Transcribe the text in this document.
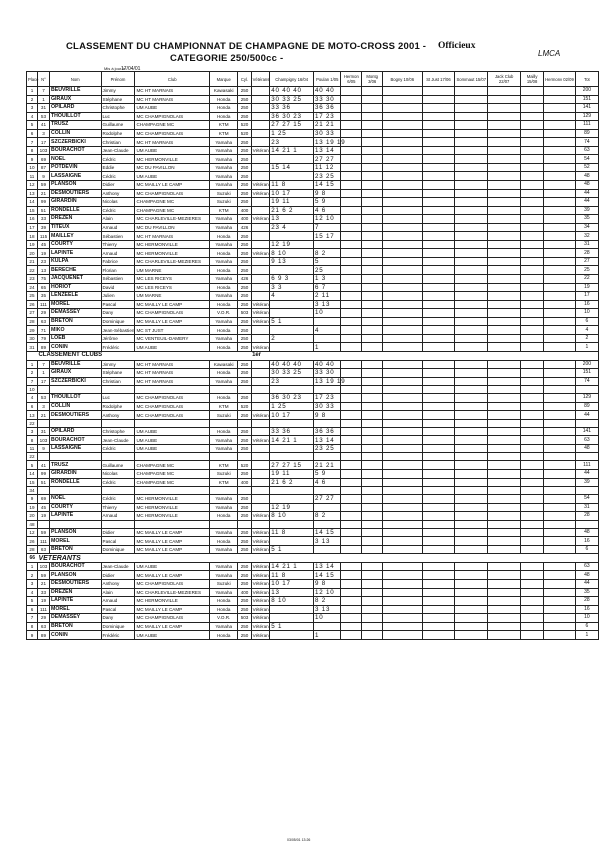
CLASSEMENT DU CHAMPIONNAT DE CHAMPAGNE DE MOTO-CROSS 2001 - Officieux
LMCA
CATEGORIE 250/500cc -
Mis à jour le
17/04/01
Place	N°	Nom	Prénom	Club	Marque	Cyl.	Vétérans	Champigny 16/04	Poulan 1/05	Hermon 6/05	Montg 3/06	Bogny 10/06	St Just 17/06	Sommaut 15/07	Jack Club 22/07	Mailly 15/08	Hermonv 02/09	Tot
1	7	BEUVRILLE	Jimmy	MC HT MARNAIS	Kawasaki	250		40 40 40	40 40									200
2	1	GIRAUX	Stéphane	MC HT MARNAIS	Honda	250		30 33 25	33 30									151
3	31	OPILARD	Christophe	UM AUBE	Honda	250		33 36	36 36									141
4	53	THOUILLOT	Luc	MC CHAMPIGNOLAIS	Honda	250		36 30 23	17 23									129
5	41	TRUSZ	Guillaume	CHAMPAGNE MC	KTM	520		27 27 15	21 21									111
6	3	COLLIN	Rodolphe	MC CHAMPIGNOLAIS	KTM	520		1 25	30 33									89
7	17	SZCZERBICKI	Christian	MC HT MARNAIS	Yamaha	250		23	13 19 19									74
8	103	BOURACHOT	Jean-Claude	UM AUBE	Yamaha	250	Vétéran	14 21 1	13 14									63
9	69	NOEL	Cédric	MC HERMONVILLE	Yamaha	250			27 27									54
10	87	POTDEVIN	Eddie	MC DU PAVILLON	Yamaha	250		15 14	11 12									52
11	9	LASSAIGNE	Cédric	UM AUBE	Yamaha	250			23 25									48
12	59	PLANSON	Didier	MC MAILLY LE CAMP	Yamaha	250	Vétéran	11 8	14 15									48
13	21	DESMOUTIERS	Anthony	MC CHAMPIGNOLAIS	Suzuki	250	Vétéran	10 17	9 8									44
14	99	GIRARDIN	Nicolas	CHAMPAGNE MC	Suzuki	250		19 11	5 9									44
15	51	RONDELLE	Cédric	CHAMPAGNE MC	KTM	400		21 6 2	4 6									39
16	33	DREZEN	Alain	MC CHARLEVILLE-MEZIERES	Yamaha	400	Vétéran	13	12 10									35
17	39	TITEUX	Arnaud	MC DU PAVILLON	Yamaha	426		23 4	7									34
18	115	MAILLEY	Sébastien	MC HT MARNAIS	Honda	250			15 17									32
19	45	COURTY	Thierry	MC HERMONVILLE	Yamaha	250		12 19										31
20	19	LAPINTE	Arnaud	MC HERMONVILLE	Honda	250	Vétéran	8 10	8 2									28
21	23	KULPA	Fabrice	MC CHARLEVILLE-MEZIERES	Yamaha	250		9 13	5									27
22	13	BERECHE	Florian	UM MARNE	Honda	250			25									25
23	75	JACQUENET	Sébastien	MC LES RICEYS	Yamaha	426		6 9 3	1 3									22
24	65	HORIOT	David	MC LES RICEYS	Honda	250		3 3	6 7									19
25	35	LENZEELE	Julien	UM MARNE	Yamaha	250		4	2 11									17
26	111	MOREL	Pascal	MC MAILLY LE CAMP	Honda	250	Vétéran		3 13									16
27	29	DEMASSEY	Dany	MC CHAMPIGNOLAIS	V.O.R.	503	Vétéran		10									10
28	63	BRETON	Dominique	MC MAILLY LE CAMP	Yamaha	250	Vétéran	5 1										6
29	71	MIKO	Jean-Sébastien	MC ST JUST	Honda	250			4									4
30	79	LOEB	Jérôme	MC VENTEUIL-DAMERY	Yamaha	250		2										2
31	89	CONIN	Frédéric	UM AUBE	Honda	250	Vétéran		1									1
	CLASSEMENT CLUBS						1er											
1	7	BEUVRILLE	Jimmy	MC HT MARNAIS	Kawasaki	250		40 40 40	40 40									200
2	1	GIRAUX	Stéphane	MC HT MARNAIS	Honda	250		30 33 25	33 30									151
7	17	SZCZERBICKI	Christian	MC HT MARNAIS	Yamaha	250		23	13 19 19									74
10																		
4	53	THOUILLOT	Luc	MC CHAMPIGNOLAIS	Honda	250		36 30 23	17 23									129
6	3	COLLIN	Rodolphe	MC CHAMPIGNOLAIS	KTM	520		1 25	30 33									89
13	21	DESMOUTIERS	Anthony	MC CHAMPIGNOLAIS	Suzuki	250	Vétéran	10 17	9 8									44
22																		
3	31	OPILARD	Christophe	UM AUBE	Honda	250		33 36	36 36									141
8	103	BOURACHOT	Jean-Claude	UM AUBE	Yamaha	250	Vétéran	14 21 1	13 14									63
11	9	LASSAIGNE	Cédric	UM AUBE	Yamaha	250			23 25									48
22																		
5	41	TRUSZ	Guillaume	CHAMPAGNE MC	KTM	520		27 27 15	21 21									111
14	99	GIRARDIN	Nicolas	CHAMPAGNE MC	Suzuki	250		19 11	5 9									44
15	51	RONDELLE	Cédric	CHAMPAGNE MC	KTM	400		21 6 2	4 6									39
34																		
9	69	NOEL	Cédric	MC HERMONVILLE	Yamaha	250			27 27									54
19	45	COURTY	Thierry	MC HERMONVILLE	Yamaha	250		12 19										31
20	19	LAPINTE	Arnaud	MC HERMONVILLE	Honda	250	Vétéran	8 10	8 2									28
48																		
12	59	PLANSON	Didier	MC MAILLY LE CAMP	Yamaha	250	Vétéran	11 8	14 15									48
26	111	MOREL	Pascal	MC MAILLY LE CAMP	Honda	250	Vétéran		3 13									16
28	63	BRETON	Dominique	MC MAILLY LE CAMP	Yamaha	250	Vétéran	5 1										6
66	VETERANTS																	
1	103	BOURACHOT	Jean-Claude	UM AUBE	Yamaha	250	Vétéran	14 21 1	13 14									63
2	59	PLANSON	Didier	MC MAILLY LE CAMP	Yamaha	250	Vétéran	11 8	14 15									48
3	21	DESMOUTIERS	Anthony	MC CHAMPIGNOLAIS	Suzuki	250	Vétéran	10 17	9 8									44
4	33	DREZEN	Alain	MC CHARLEVILLE-MEZIERES	Yamaha	400	Vétéran	13	12 10									35
5	19	LAPINTE	Arnaud	MC HERMONVILLE	Honda	250	Vétéran	8 10	8 2									28
6	111	MOREL	Pascal	MC MAILLY LE CAMP	Honda	250	Vétéran		3 13									16
7	29	DEMASSEY	Dany	MC CHAMPIGNOLAIS	V.O.R.	503	Vétéran		10									10
8	63	BRETON	Dominique	MC MAILLY LE CAMP	Yamaha	250	Vétéran	5 1										6
9	89	CONIN	Frédéric	UM AUBE	Honda	250	Vétéran		1									1
03/05/01 13:26
